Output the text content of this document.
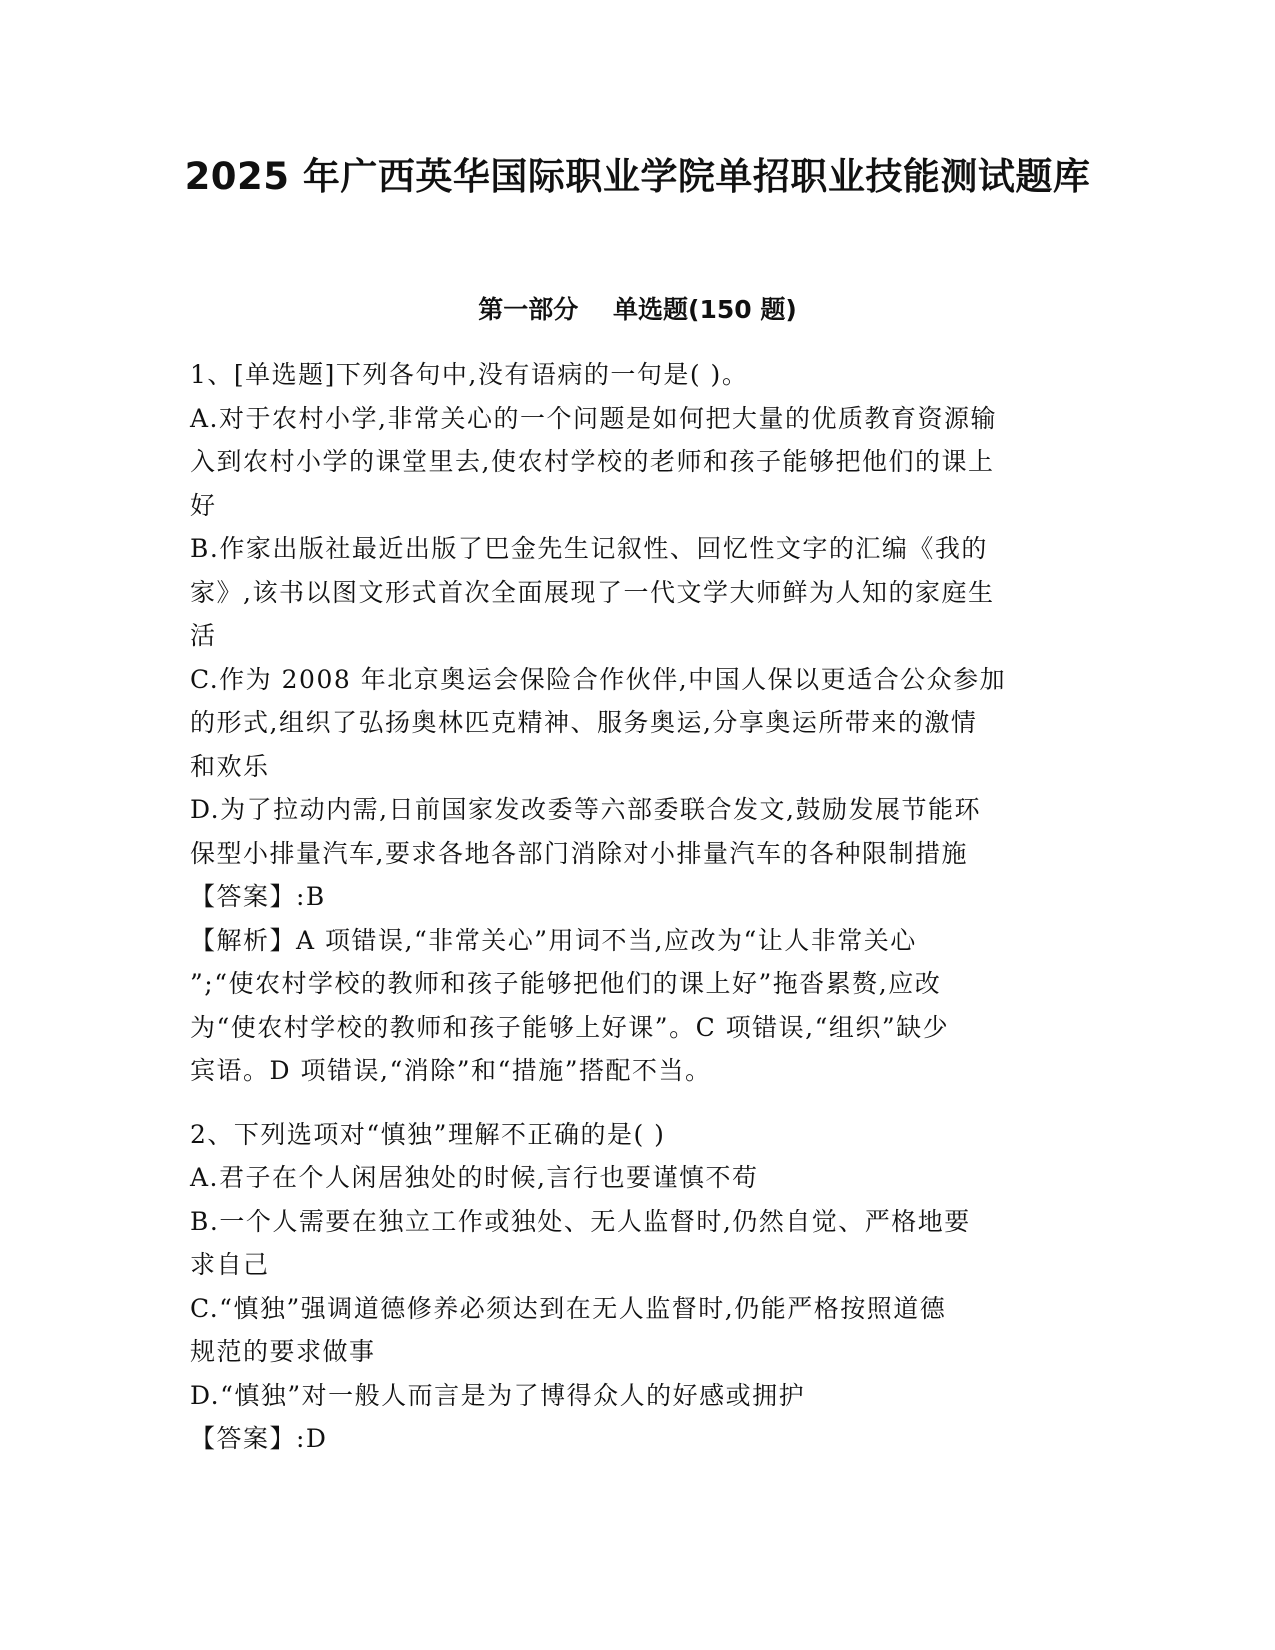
2025 年广西英华国际职业学院单招职业技能测试题库
第一部分    单选题(150 题)
1、[单选题]下列各句中,没有语病的一句是( )。
A.对于农村小学,非常关心的一个问题是如何把大量的优质教育资源输
入到农村小学的课堂里去,使农村学校的老师和孩子能够把他们的课上
好
B.作家出版社最近出版了巴金先生记叙性、回忆性文字的汇编《我的
家》,该书以图文形式首次全面展现了一代文学大师鲜为人知的家庭生
活
C.作为 2008 年北京奥运会保险合作伙伴,中国人保以更适合公众参加
的形式,组织了弘扬奥林匹克精神、服务奥运,分享奥运所带来的激情
和欢乐
D.为了拉动内需,日前国家发改委等六部委联合发文,鼓励发展节能环
保型小排量汽车,要求各地各部门消除对小排量汽车的各种限制措施
【答案】:B
【解析】A 项错误,“非常关心”用词不当,应改为“让人非常关心
”;“使农村学校的教师和孩子能够把他们的课上好”拖沓累赘,应改
为“使农村学校的教师和孩子能够上好课”。C 项错误,“组织”缺少
宾语。D 项错误,“消除”和“措施”搭配不当。
2、下列选项对“慎独”理解不正确的是( )
A.君子在个人闲居独处的时候,言行也要谨慎不苟
B.一个人需要在独立工作或独处、无人监督时,仍然自觉、严格地要
求自己
C.“慎独”强调道德修养必须达到在无人监督时,仍能严格按照道德
规范的要求做事
D.“慎独”对一般人而言是为了博得众人的好感或拥护
【答案】:D
